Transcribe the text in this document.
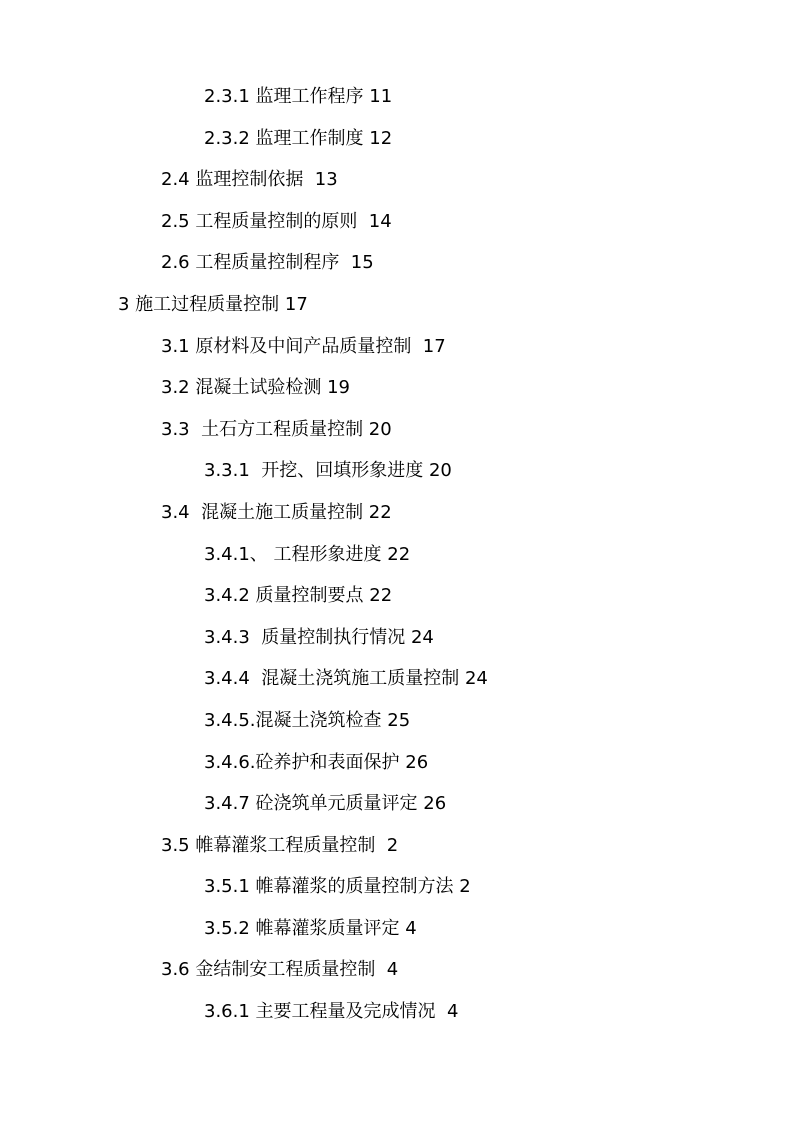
2.3.1 监理工作程序 11
2.3.2 监理工作制度 12
2.4 监理控制依据  13
2.5 工程质量控制的原则  14
2.6 工程质量控制程序  15
3 施工过程质量控制 17
3.1 原材料及中间产品质量控制  17
3.2 混凝土试验检测 19
3.3  土石方工程质量控制 20
3.3.1  开挖、回填形象进度 20
3.4  混凝土施工质量控制 22
3.4.1、 工程形象进度 22
3.4.2 质量控制要点 22
3.4.3  质量控制执行情况 24
3.4.4  混凝土浇筑施工质量控制 24
3.4.5.混凝土浇筑检查 25
3.4.6.砼养护和表面保护 26
3.4.7 砼浇筑单元质量评定 26
3.5 帷幕灌浆工程质量控制  2
3.5.1 帷幕灌浆的质量控制方法 2
3.5.2 帷幕灌浆质量评定 4
3.6 金结制安工程质量控制  4
3.6.1 主要工程量及完成情况  4
